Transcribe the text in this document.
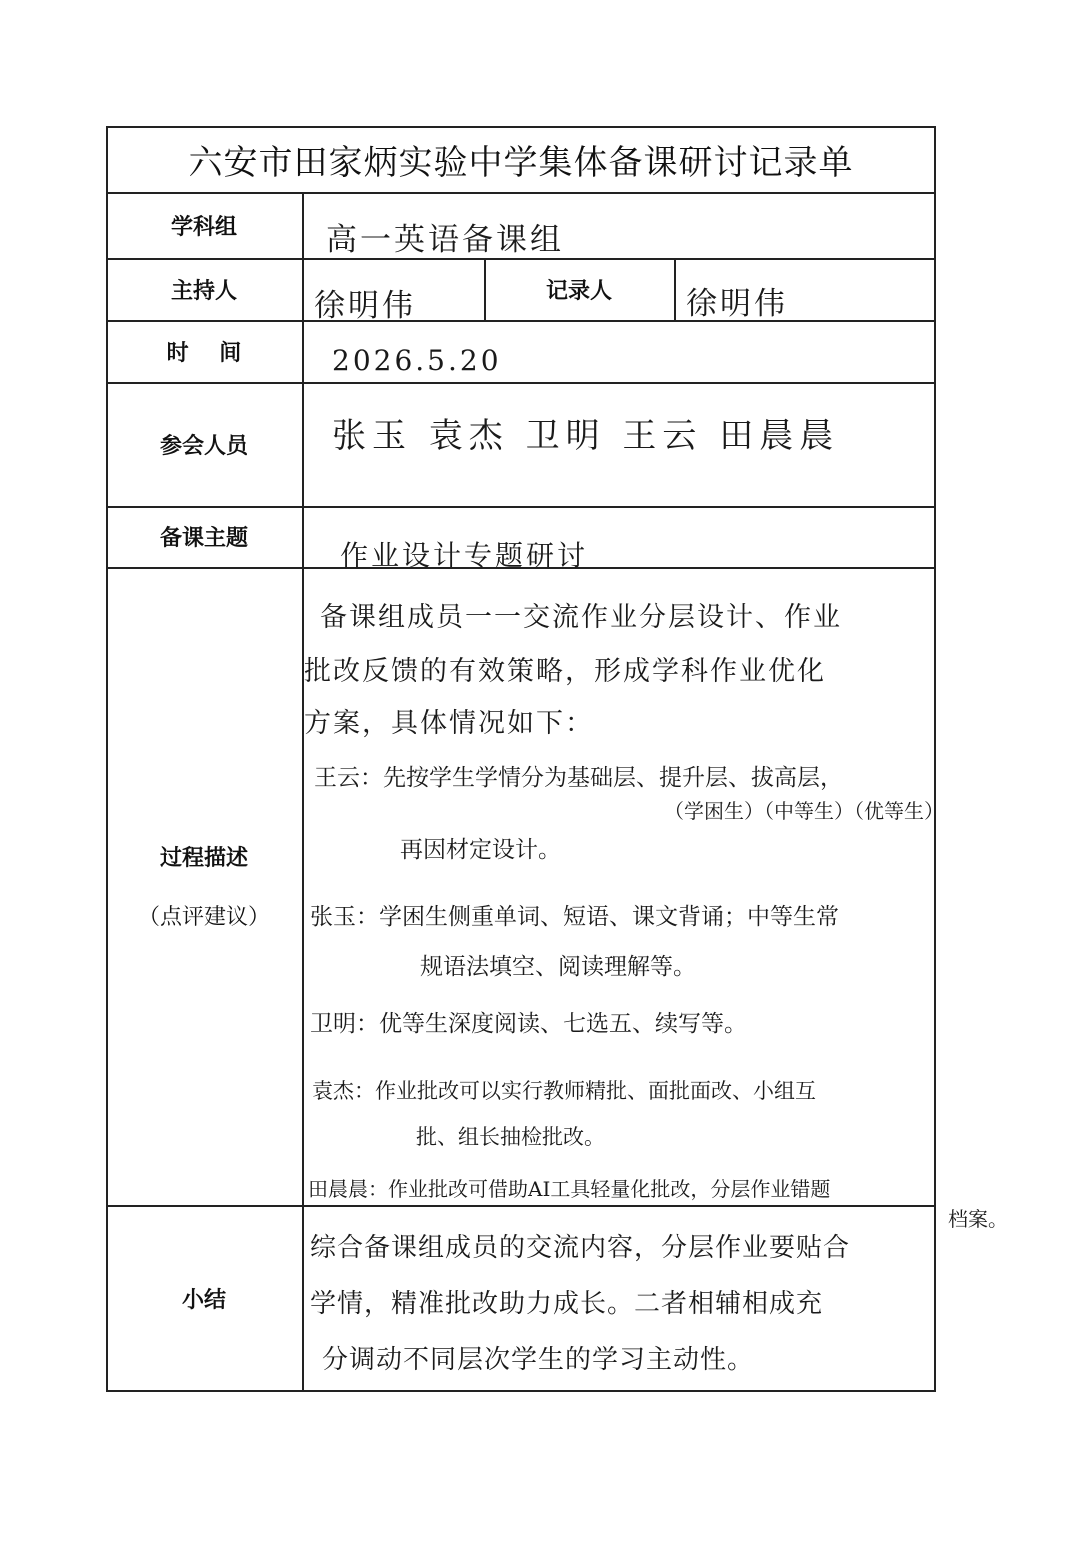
六安市田家炳实验中学集体备课研讨记录单
学科组
主持人	记录人
时    间
参会人员
备课主题
过程描述
（点评建议）
小结
高一英语备课组
徐明伟	徐明伟
2026.5.20
张玉 袁杰 卫明 王云 田晨晨
作业设计专题研讨
备课组成员一一交流作业分层设计、作业
批改反馈的有效策略，形成学科作业优化
方案，具体情况如下：
王云：先按学生学情分为基础层、提升层、拔高层，
（学困生）（中等生）（优等生）
再因材定设计。
张玉：学困生侧重单词、短语、课文背诵；中等生常
规语法填空、阅读理解等。
卫明：优等生深度阅读、七选五、续写等。
袁杰：作业批改可以实行教师精批、面批面改、小组互
批、组长抽检批改。
田晨晨：作业批改可借助AI工具轻量化批改，分层作业错题
档案。
综合备课组成员的交流内容，分层作业要贴合
学情，精准批改助力成长。二者相辅相成充
分调动不同层次学生的学习主动性。
